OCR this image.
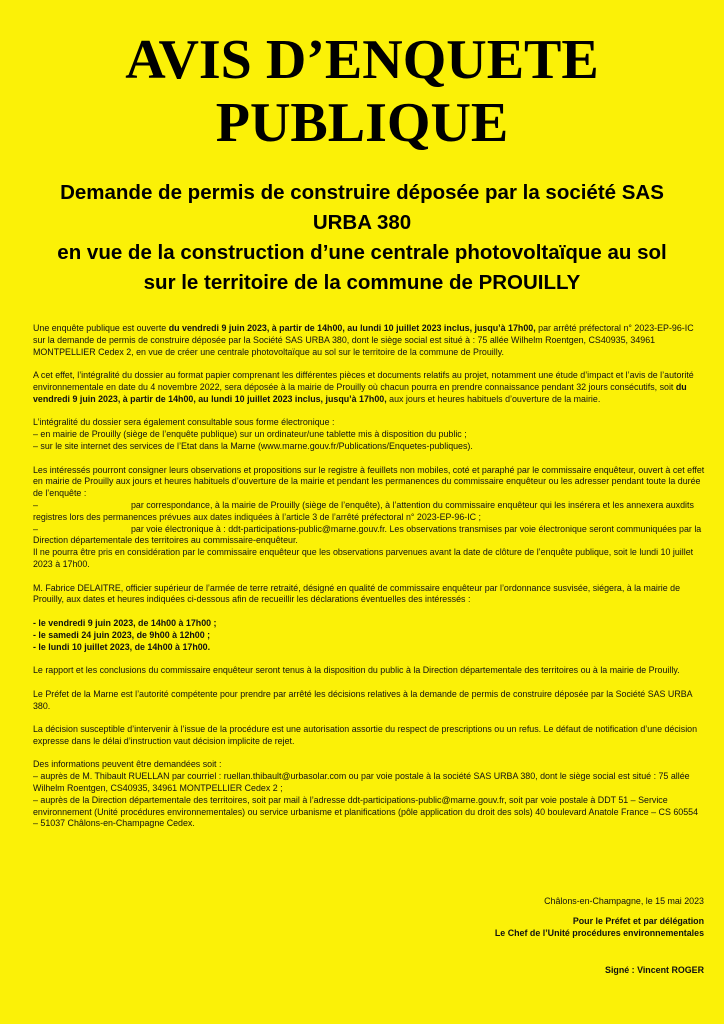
AVIS D’ENQUETE
PUBLIQUE
Demande de permis de construire déposée par la société SAS
URBA 380
en vue de la construction d’une centrale photovoltaïque au sol
sur le territoire de la commune de PROUILLY

Une enquête publique est ouverte du vendredi 9 juin 2023, à partir de 14h00, au lundi 10 juillet 2023 inclus, jusqu’à 17h00, par arrêté préfectoral n° 2023-EP-96-IC sur la demande de permis de construire déposée par la Société SAS URBA 380, dont le siège social est situé à : 75 allée Wilhelm Roentgen, CS40935, 34961 MONTPELLIER Cedex 2, en vue de créer une centrale photovoltaïque au sol sur le territoire de la commune de Prouilly.

A cet effet, l’intégralité du dossier au format papier comprenant les différentes pièces et documents relatifs au projet, notamment une étude d’impact et l’avis de l’autorité environnementale en date du 4 novembre 2022, sera déposée à la mairie de Prouilly où chacun pourra en prendre connaissance pendant 32 jours consécutifs, soit du vendredi 9 juin 2023, à partir de 14h00, au lundi 10 juillet 2023 inclus, jusqu’à 17h00, aux jours et heures habituels d’ouverture de la mairie.

L’intégralité du dossier sera également consultable sous forme électronique :
– en mairie de Prouilly (siège de l’enquête publique) sur un ordinateur/une tablette mis à disposition du public ;
– sur le site internet des services de l’Etat dans la Marne (www.marne.gouv.fr/Publications/Enquetes-publiques).

Les intéressés pourront consigner leurs observations et propositions sur le registre à feuillets non mobiles, coté et paraphé par le commissaire enquêteur, ouvert à cet effet en mairie de Prouilly aux jours et heures habituels d’ouverture de la mairie et pendant les permanences du commissaire enquêteur ou les adresser pendant toute la durée de l’enquête :
–	par correspondance, à la mairie de Prouilly (siège de l’enquête), à l’attention du commissaire enquêteur qui les insérera et les annexera auxdits registres lors des permanences prévues aux dates indiquées à l’article 3 de l’arrêté préfectoral n° 2023-EP-96-IC ;
–	par voie électronique à : ddt-participations-public@marne.gouv.fr. Les observations transmises par voie électronique seront communiquées par la Direction départementale des territoires au commissaire-enquêteur.
Il ne pourra être pris en considération par le commissaire enquêteur que les observations parvenues avant la date de clôture de l’enquête publique, soit le lundi 10 juillet 2023 à 17h00.

M. Fabrice DELAITRE, officier supérieur de l’armée de terre retraité, désigné en qualité de commissaire enquêteur par l’ordonnance susvisée, siégera, à la mairie de Prouilly, aux dates et heures indiquées ci-dessous afin de recueillir les déclarations éventuelles des intéressés :

- le vendredi 9 juin 2023, de 14h00 à 17h00 ;
- le samedi 24 juin 2023, de 9h00 à 12h00 ;
- le lundi 10 juillet 2023, de 14h00 à 17h00.

Le rapport et les conclusions du commissaire enquêteur seront tenus à la disposition du public à la Direction départementale des territoires ou à la mairie de Prouilly.

Le Préfet de la Marne est l’autorité compétente pour prendre par arrêté les décisions relatives à la demande de permis de construire déposée par la Société SAS URBA 380.

La décision susceptible d’intervenir à l’issue de la procédure est une autorisation assortie du respect de prescriptions ou un refus. Le défaut de notification d’une décision expresse dans le délai d’instruction vaut décision implicite de rejet.

Des informations peuvent être demandées soit :
– auprès de M. Thibault RUELLAN par courriel : ruellan.thibault@urbasolar.com ou par voie postale à la société SAS URBA 380, dont le siège social est situé : 75 allée Wilhelm Roentgen, CS40935, 34961 MONTPELLIER Cedex 2 ;
– auprès de la Direction départementale des territoires, soit par mail à l’adresse ddt-participations-public@marne.gouv.fr, soit par voie postale à DDT 51 – Service environnement (Unité procédures environnementales) ou service urbanisme et planifications (pôle application du droit des sols) 40 boulevard Anatole France – CS 60554 – 51037 Châlons-en-Champagne Cedex.

Châlons-en-Champagne, le 15 mai 2023
Pour le Préfet et par délégation
Le Chef de l’Unité procédures environnementales
Signé : Vincent ROGER
